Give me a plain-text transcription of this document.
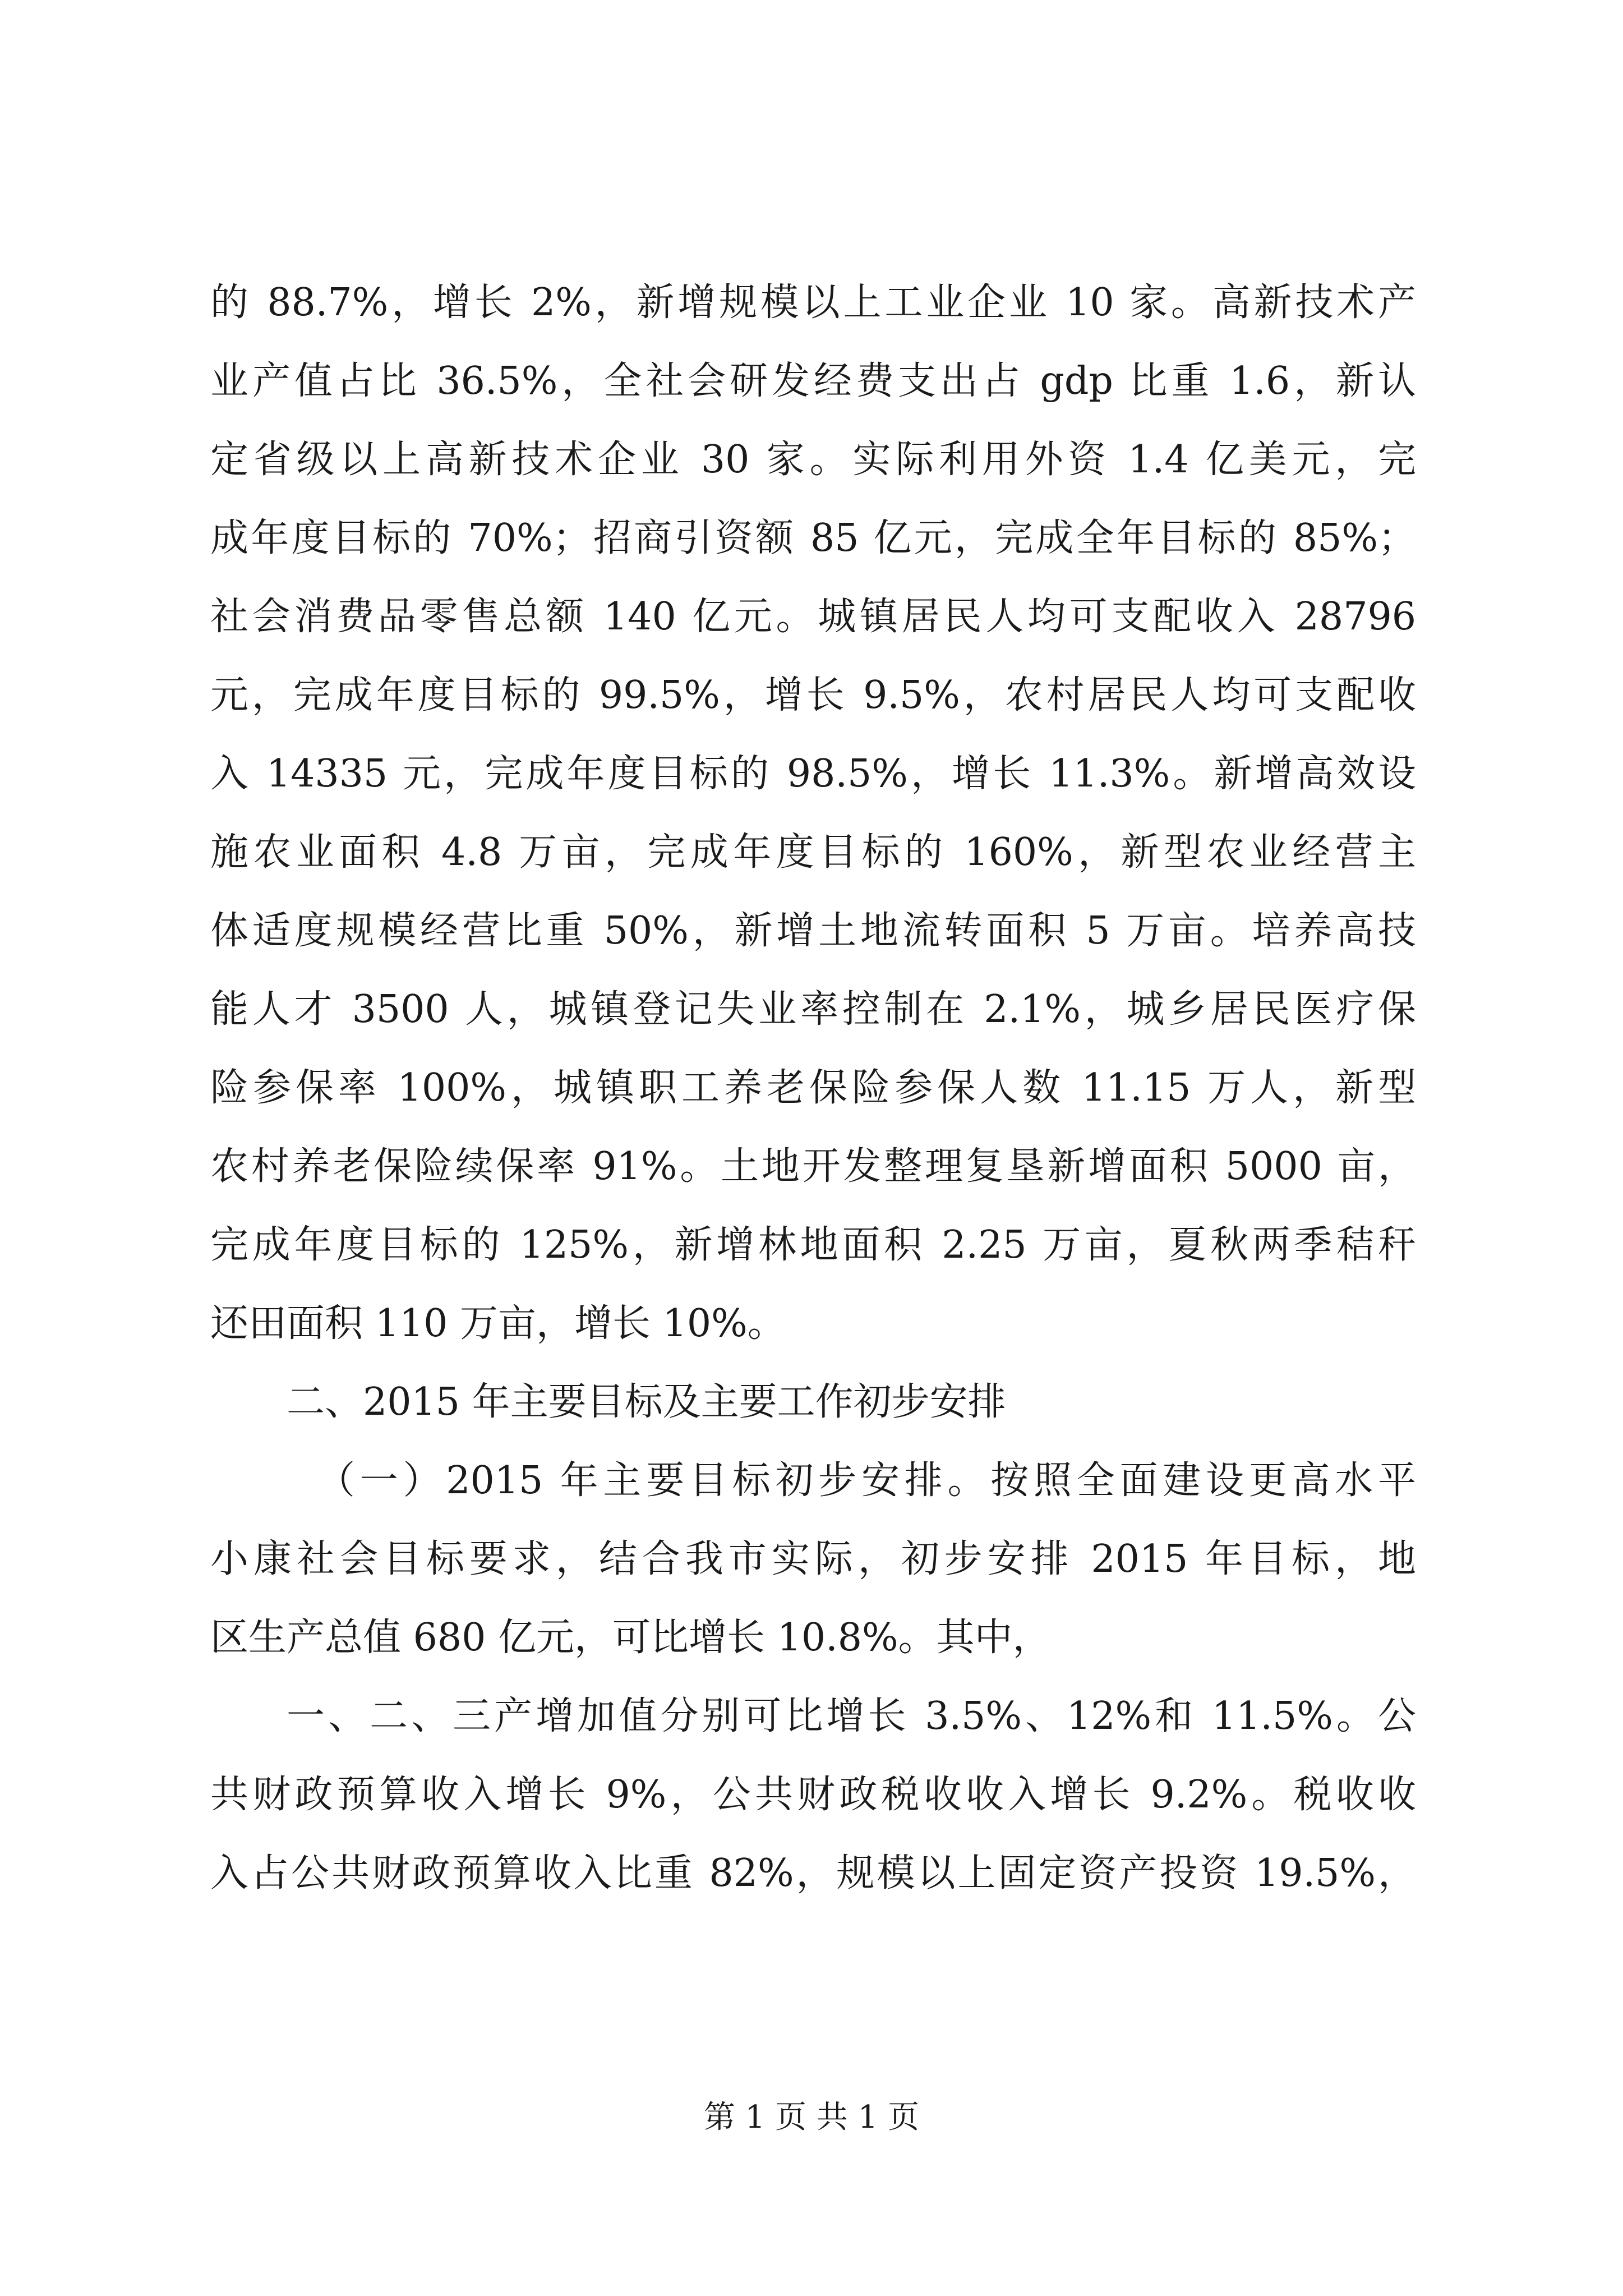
的 88.7%，增长 2%，新增规模以上工业企业 10 家。高新技术产
业产值占比 36.5%，全社会研发经费支出占 gdp 比重 1.6，新认
定省级以上高新技术企业 30 家。实际利用外资 1.4 亿美元，完
成年度目标的 70%；招商引资额 85 亿元，完成全年目标的 85%；
社会消费品零售总额 140 亿元。城镇居民人均可支配收入 28796
元，完成年度目标的 99.5%，增长 9.5%，农村居民人均可支配收
入 14335 元，完成年度目标的 98.5%，增长 11.3%。新增高效设
施农业面积 4.8 万亩，完成年度目标的 160%，新型农业经营主
体适度规模经营比重 50%，新增土地流转面积 5 万亩。培养高技
能人才 3500 人，城镇登记失业率控制在 2.1%，城乡居民医疗保
险参保率 100%，城镇职工养老保险参保人数 11.15 万人，新型
农村养老保险续保率 91%。土地开发整理复垦新增面积 5000 亩，
完成年度目标的 125%，新增林地面积 2.25 万亩，夏秋两季秸秆
还田面积 110 万亩，增长 10%。
二、2015 年主要目标及主要工作初步安排
（一）2015 年主要目标初步安排。按照全面建设更高水平
小康社会目标要求，结合我市实际，初步安排 2015 年目标，地
区生产总值 680 亿元，可比增长 10.8%。其中，
一、二、三产增加值分别可比增长 3.5%、12%和 11.5%。公
共财政预算收入增长 9%，公共财政税收收入增长 9.2%。税收收
入占公共财政预算收入比重 82%，规模以上固定资产投资 19.5%，
第 1 页 共 1 页
